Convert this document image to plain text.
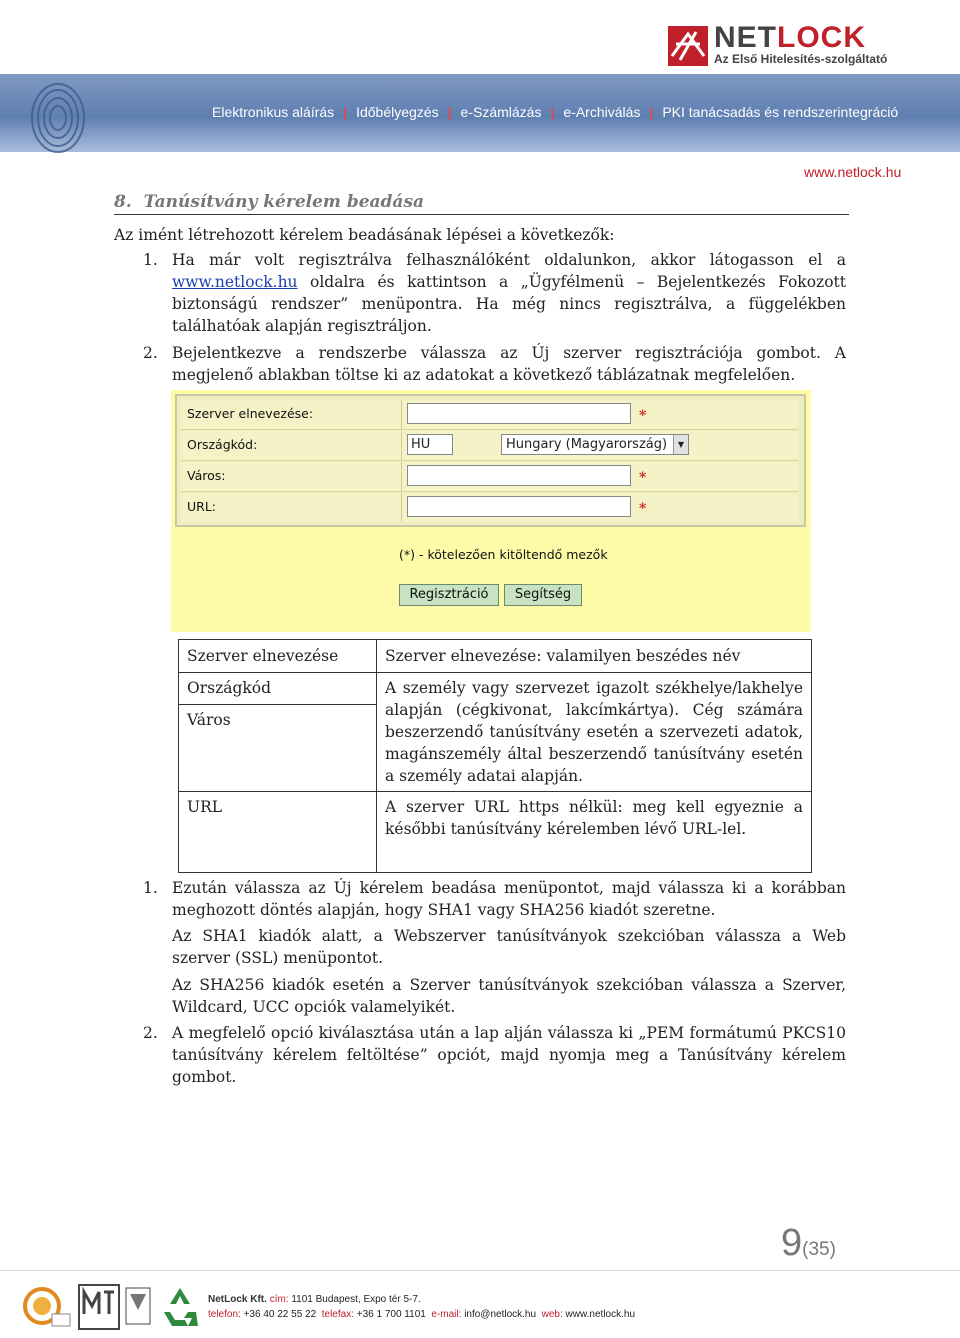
NETLOCK
Az Első Hitelesítés-szolgáltató
Elektronikus aláírás | Időbélyegzés | e-Számlázás | e-Archiválás | PKI tanácsadás és rendszerintegráció
www.netlock.hu
8.  Tanúsítvány kérelem beadása
Az imént létrehozott kérelem beadásának lépései a következők:
1. Ha már volt regisztrálva felhasználóként oldalunkon, akkor látogasson el a www.netlock.hu oldalra és kattintson a „Ügyfélmenü – Bejelentkezés Fokozott biztonságú rendszer” menüpontra. Ha még nincs regisztrálva, a függelékben találhatóak alapján regisztráljon.
2. Bejelentkezve a rendszerbe válassza az Új szerver regisztrációja gombot. A megjelenő ablakban töltse ki az adatokat a következő táblázatnak megfelelően.
Szerver elnevezése:	*
Országkód:	HU	Hungary (Magyarország)	▼
Város:	*
URL:	*
(*) - kötelezően kitöltendő mezők
Regisztráció	Segítség
Szerver elnevezése	Szerver elnevezése: valamilyen beszédes név
Országkód
Város
A személy vagy szervezet igazolt székhelye/lakhelye alapján (cégkivonat, lakcímkártya). Cég számára beszerzendő tanúsítvány esetén a szervezeti adatok, magánszemély által beszerzendő tanúsítvány esetén a személy adatai alapján.
URL	A szerver URL https nélkül: meg kell egyeznie a későbbi tanúsítvány kérelemben lévő URL-lel.
1. Ezután válassza az Új kérelem beadása menüpontot, majd válassza ki a korábban meghozott döntés alapján, hogy SHA1 vagy SHA256 kiadót szeretne.
Az SHA1 kiadók alatt, a Webszerver tanúsítványok szekcióban válassza a Web szerver (SSL) menüpontot.
Az SHA256 kiadók esetén a Szerver tanúsítványok szekcióban válassza a Szerver, Wildcard, UCC opciók valamelyikét.
2. A megfelelő opció kiválasztása után a lap alján válassza ki „PEM formátumú PKCS10 tanúsítvány kérelem feltöltése” opciót, majd nyomja meg a Tanúsítvány kérelem gombot.
9(35)
NetLock Kft. cím: 1101 Budapest, Expo tér 5-7.
telefon: +36 40 22 55 22 telefax: +36 1 700 1101 e-mail: info@netlock.hu web: www.netlock.hu
